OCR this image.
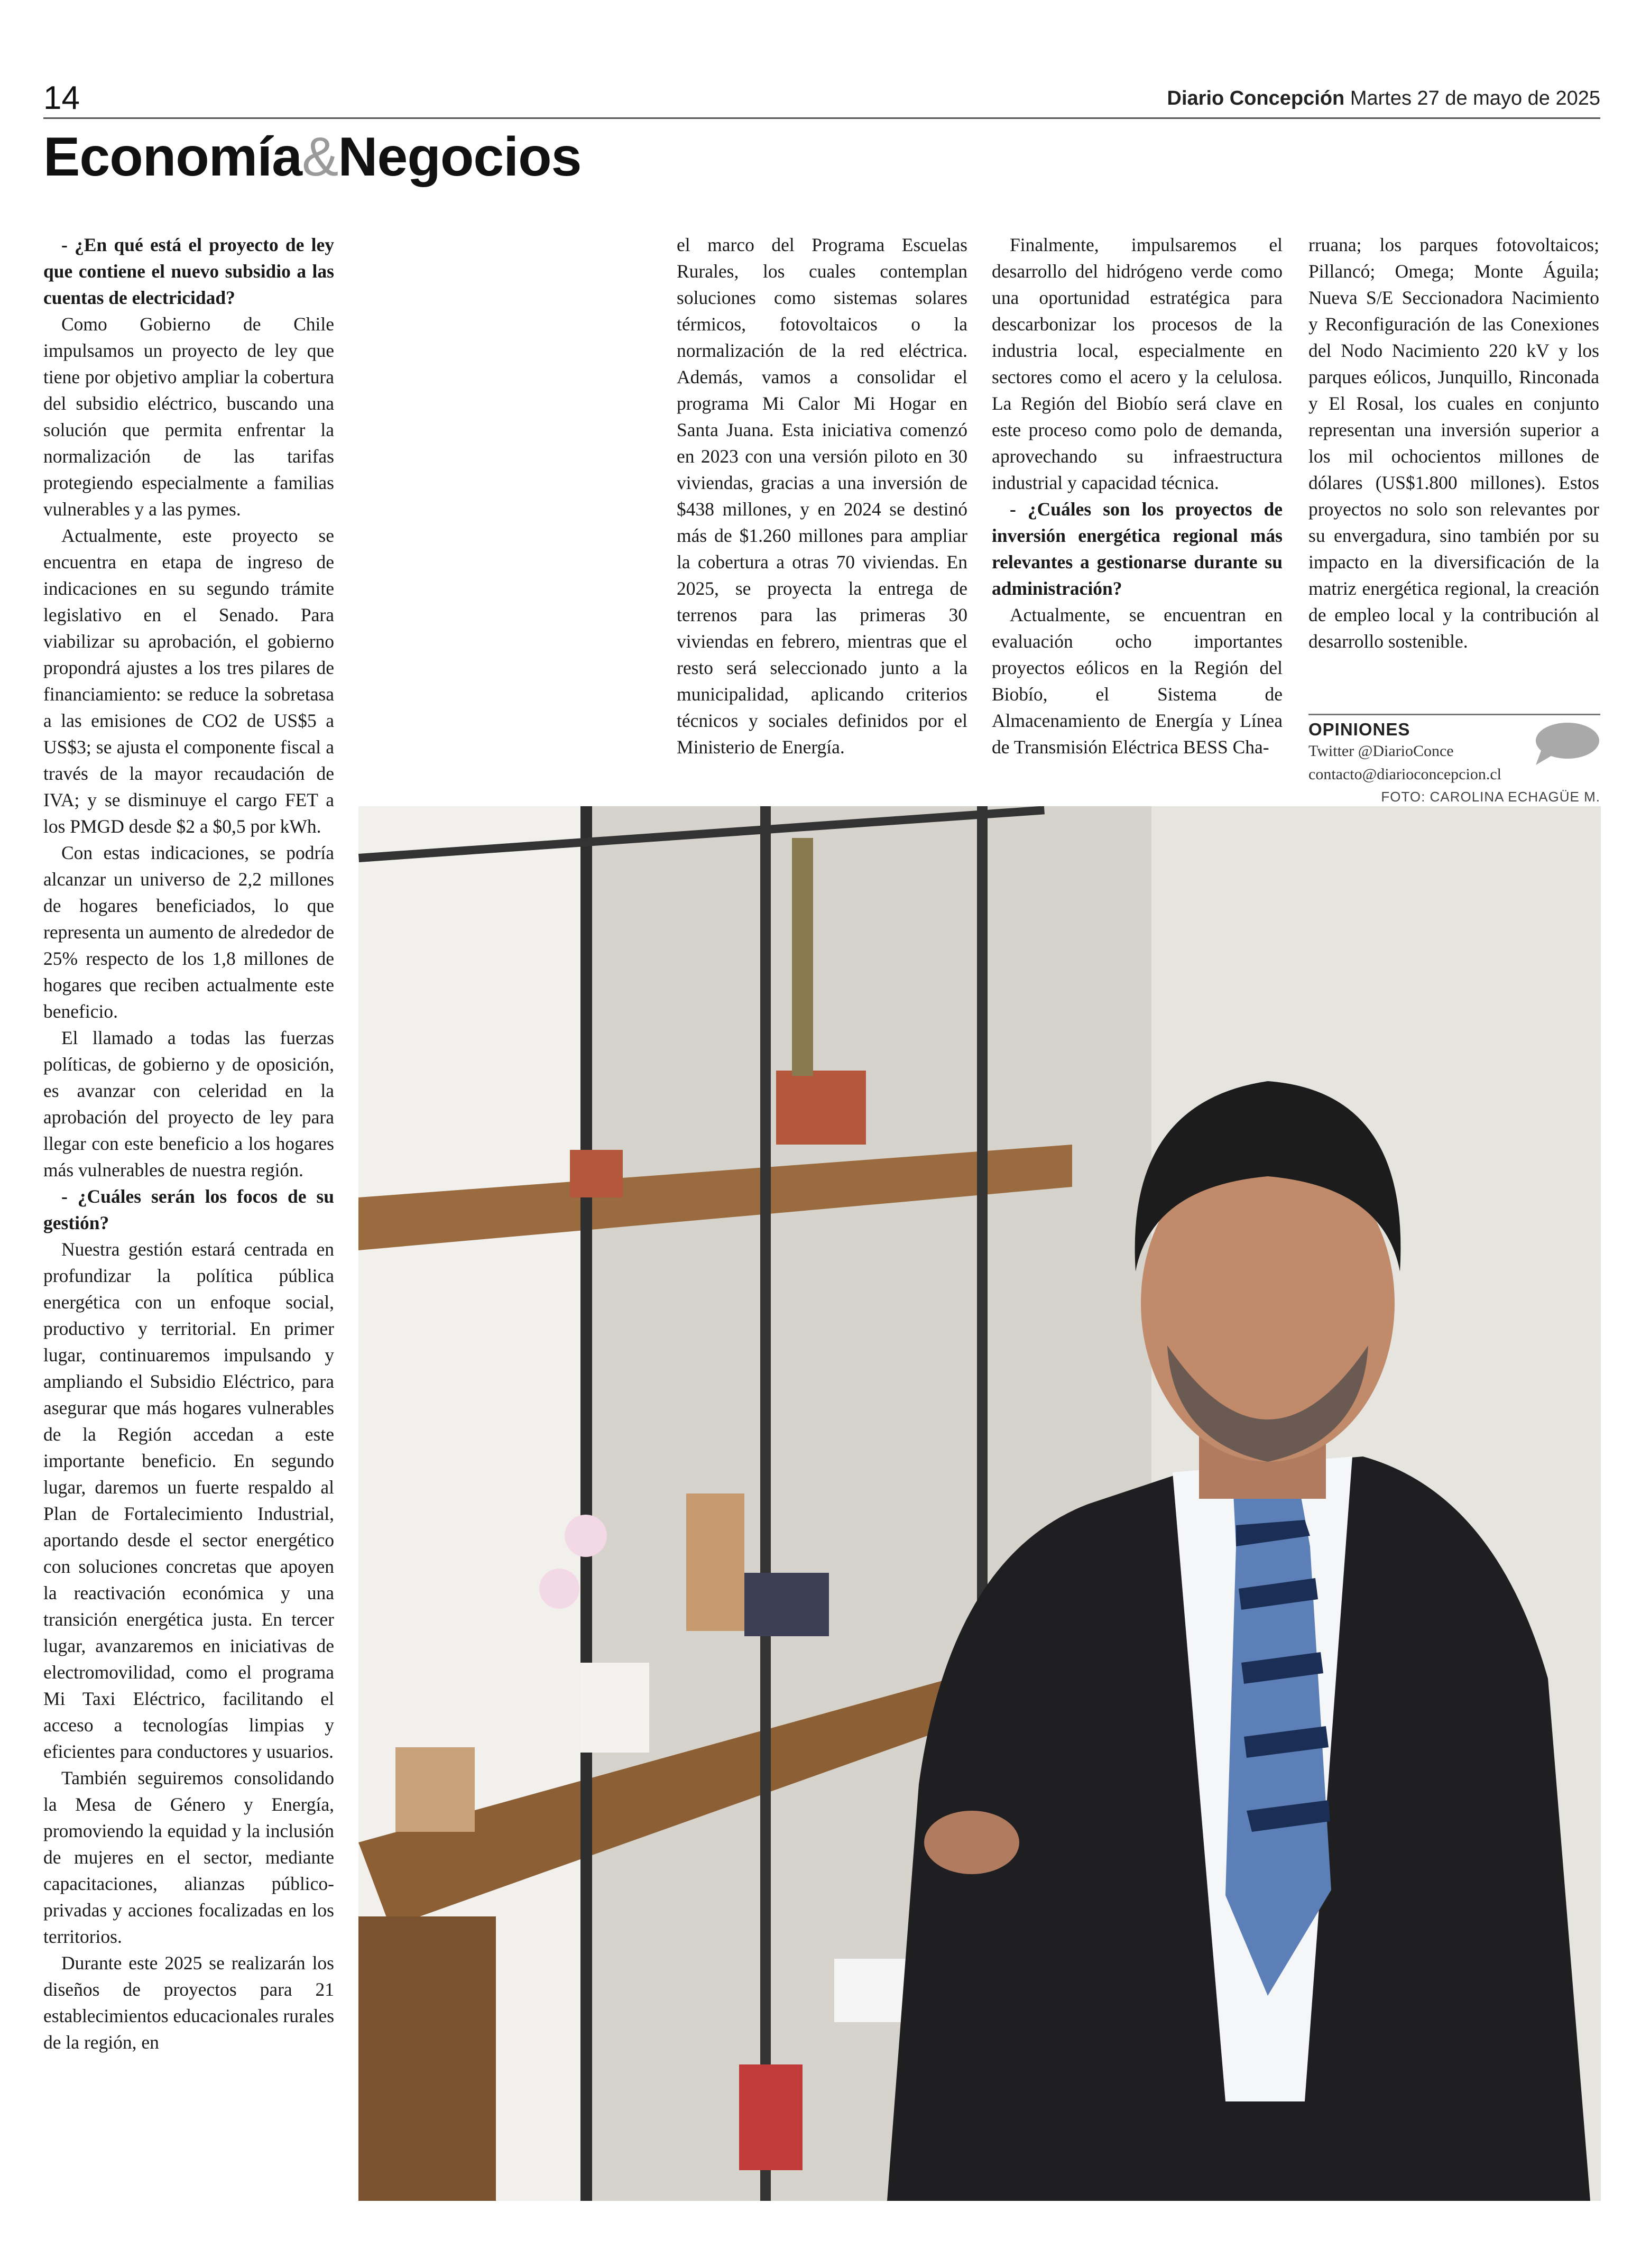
14	Diario Concepción Martes 27 de mayo de 2025
Economía&Negocios

- ¿En qué está el proyecto de ley que contiene el nuevo subsidio a las cuentas de electricidad?

Como Gobierno de Chile impulsamos un proyecto de ley que tiene por objetivo ampliar la cobertura del subsidio eléctrico, buscando una solución que permita enfrentar la normalización de las tarifas protegiendo especialmente a familias vulnerables y a las pymes.

Actualmente, este proyecto se encuentra en etapa de ingreso de indicaciones en su segundo trámite legislativo en el Senado. Para viabilizar su aprobación, el gobierno propondrá ajustes a los tres pilares de financiamiento: se reduce la sobretasa a las emisiones de CO2 de US$5 a US$3; se ajusta el componente fiscal a través de la mayor recaudación de IVA; y se disminuye el cargo FET a los PMGD desde $2 a $0,5 por kWh.

Con estas indicaciones, se podría alcanzar un universo de 2,2 millones de hogares beneficiados, lo que representa un aumento de alrededor de 25% respecto de los 1,8 millones de hogares que reciben actualmente este beneficio.

El llamado a todas las fuerzas políticas, de gobierno y de oposición, es avanzar con celeridad en la aprobación del proyecto de ley para llegar con este beneficio a los hogares más vulnerables de nuestra región.

- ¿Cuáles serán los focos de su gestión?

Nuestra gestión estará centrada en profundizar la política pública energética con un enfoque social, productivo y territorial. En primer lugar, continuaremos impulsando y ampliando el Subsidio Eléctrico, para asegurar que más hogares vulnerables de la Región accedan a este importante beneficio. En segundo lugar, daremos un fuerte respaldo al Plan de Fortalecimiento Industrial, aportando desde el sector energético con soluciones concretas que apoyen la reactivación económica y una transición energética justa. En tercer lugar, avanzaremos en iniciativas de electromovilidad, como el programa Mi Taxi Eléctrico, facilitando el acceso a tecnologías limpias y eficientes para conductores y usuarios.

También seguiremos consolidando la Mesa de Género y Energía, promoviendo la equidad y la inclusión de mujeres en el sector, mediante capacitaciones, alianzas público-privadas y acciones focalizadas en los territorios.

Durante este 2025 se realizarán los diseños de proyectos para 21 establecimientos educacionales rurales de la región, en

el marco del Programa Escuelas Rurales, los cuales contemplan soluciones como sistemas solares térmicos, fotovoltaicos o la normalización de la red eléctrica. Además, vamos a consolidar el programa Mi Calor Mi Hogar en Santa Juana. Esta iniciativa comenzó en 2023 con una versión piloto en 30 viviendas, gracias a una inversión de $438 millones, y en 2024 se destinó más de $1.260 millones para ampliar la cobertura a otras 70 viviendas. En 2025, se proyecta la entrega de terrenos para las primeras 30 viviendas en febrero, mientras que el resto será seleccionado junto a la municipalidad, aplicando criterios técnicos y sociales definidos por el Ministerio de Energía.

Finalmente, impulsaremos el desarrollo del hidrógeno verde como una oportunidad estratégica para descarbonizar los procesos de la industria local, especialmente en sectores como el acero y la celulosa. La Región del Biobío será clave en este proceso como polo de demanda, aprovechando su infraestructura industrial y capacidad técnica.

- ¿Cuáles son los proyectos de inversión energética regional más relevantes a gestionarse durante su administración?

Actualmente, se encuentran en evaluación ocho importantes proyectos eólicos en la Región del Biobío, el Sistema de Almacenamiento de Energía y Línea de Transmisión Eléctrica BESS Cha-

rruana; los parques fotovoltaicos; Pillancó; Omega; Monte Águila; Nueva S/E Seccionadora Nacimiento y Reconfiguración de las Conexiones del Nodo Nacimiento 220 kV y los parques eólicos, Junquillo, Rinconada y El Rosal, los cuales en conjunto representan una inversión superior a los mil ochocientos millones de dólares (US$1.800 millones). Estos proyectos no solo son relevantes por su envergadura, sino también por su impacto en la diversificación de la matriz energética regional, la creación de empleo local y la contribución al desarrollo sostenible.

OPINIONES
Twitter @DiarioConce
contacto@diarioconcepcion.cl
FOTO: CAROLINA ECHAGÜE M.
